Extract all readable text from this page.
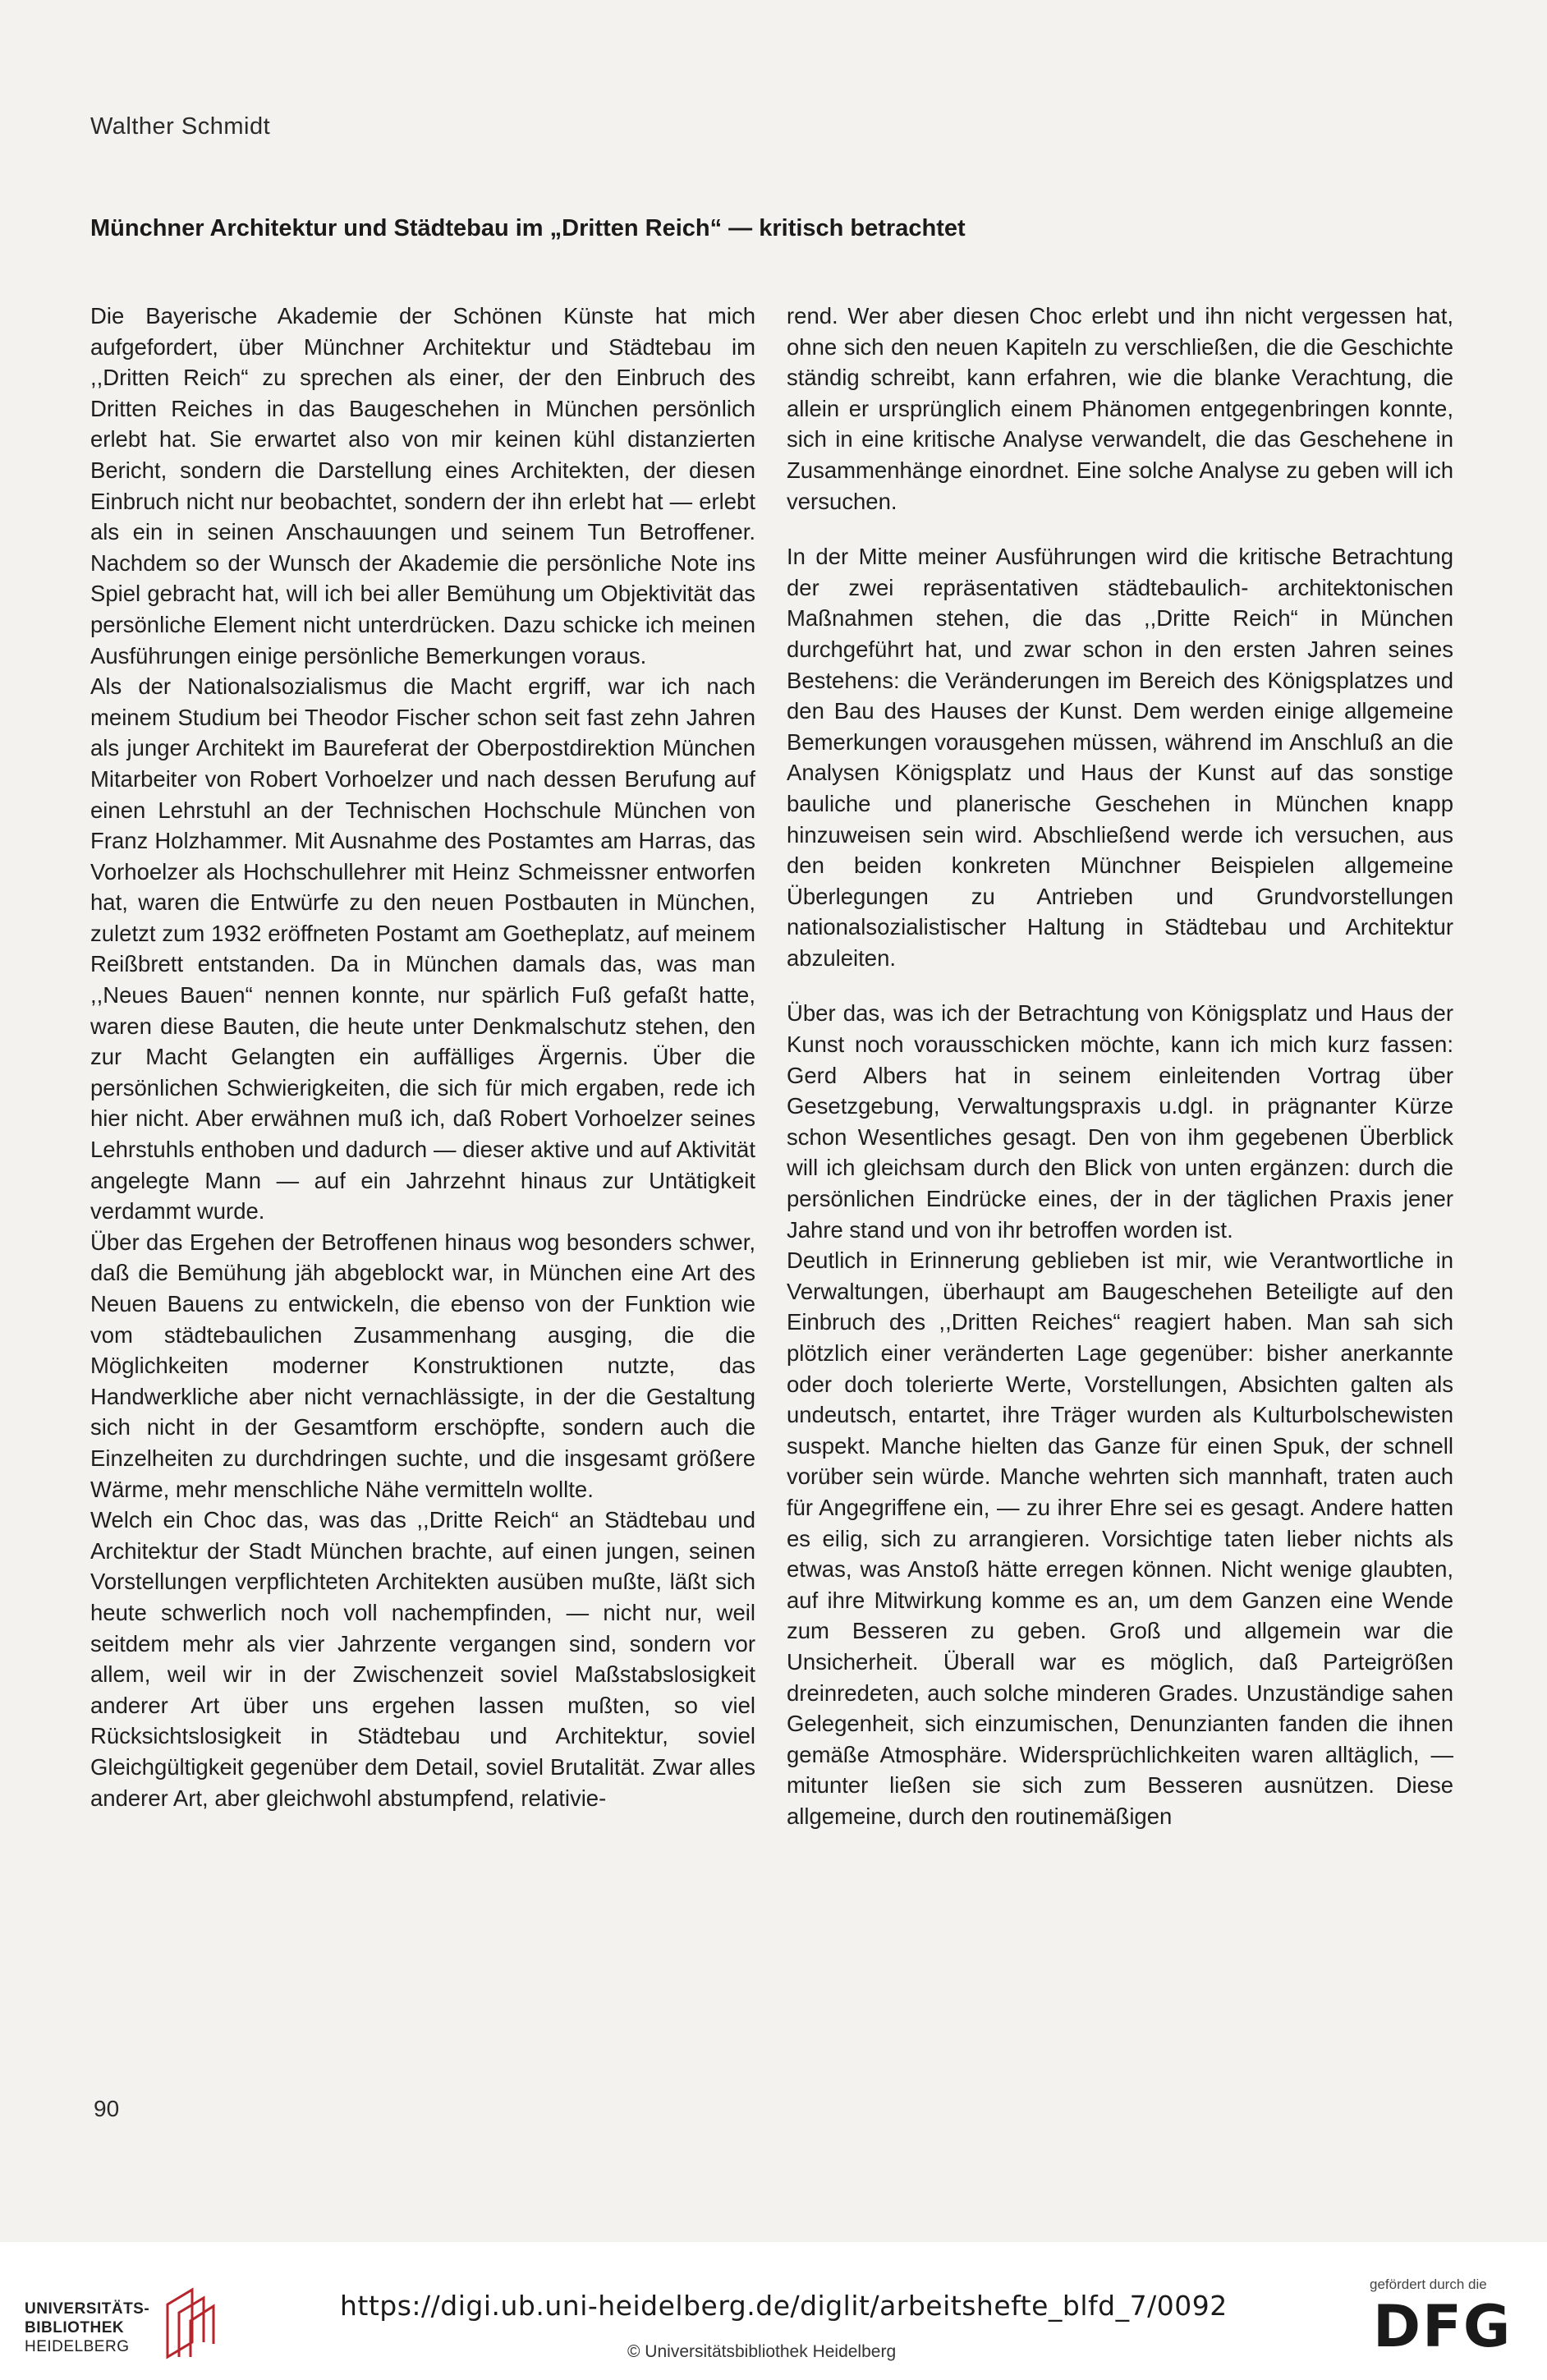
Walther Schmidt
Münchner Architektur und Städtebau im „Dritten Reich“ — kritisch betrachtet

Die Bayerische Akademie der Schönen Künste hat mich aufgefordert, über Münchner Architektur und Städtebau im ,,Dritten Reich“ zu sprechen als einer, der den Einbruch des Dritten Reiches in das Baugeschehen in München persönlich erlebt hat. Sie erwartet also von mir keinen kühl distanzierten Bericht, sondern die Darstellung eines Architekten, der diesen Einbruch nicht nur beobachtet, sondern der ihn erlebt hat — erlebt als ein in seinen Anschauungen und seinem Tun Betroffener. Nachdem so der Wunsch der Akademie die persönliche Note ins Spiel gebracht hat, will ich bei aller Bemühung um Objektivität das persönliche Element nicht unterdrücken. Dazu schicke ich meinen Ausführungen einige persönliche Bemerkungen voraus.

Als der Nationalsozialismus die Macht ergriff, war ich nach meinem Studium bei Theodor Fischer schon seit fast zehn Jahren als junger Architekt im Baureferat der Oberpostdirektion München Mitarbeiter von Robert Vorhoelzer und nach dessen Berufung auf einen Lehrstuhl an der Technischen Hochschule München von Franz Holzhammer. Mit Ausnahme des Postamtes am Harras, das Vorhoelzer als Hochschullehrer mit Heinz Schmeissner entworfen hat, waren die Entwürfe zu den neuen Postbauten in München, zuletzt zum 1932 eröffneten Postamt am Goetheplatz, auf meinem Reißbrett entstanden. Da in München damals das, was man ,,Neues Bauen“ nennen konnte, nur spärlich Fuß gefaßt hatte, waren diese Bauten, die heute unter Denkmalschutz stehen, den zur Macht Gelangten ein auffälliges Ärgernis. Über die persönlichen Schwierigkeiten, die sich für mich ergaben, rede ich hier nicht. Aber erwähnen muß ich, daß Robert Vorhoelzer seines Lehrstuhls enthoben und dadurch — dieser aktive und auf Aktivität angelegte Mann — auf ein Jahrzehnt hinaus zur Untätigkeit verdammt wurde.

Über das Ergehen der Betroffenen hinaus wog besonders schwer, daß die Bemühung jäh abgeblockt war, in München eine Art des Neuen Bauens zu entwickeln, die ebenso von der Funktion wie vom städtebaulichen Zusammenhang ausging, die die Möglichkeiten moderner Konstruktionen nutzte, das Handwerkliche aber nicht vernachlässigte, in der die Gestaltung sich nicht in der Gesamtform erschöpfte, sondern auch die Einzelheiten zu durchdringen suchte, und die insgesamt größere Wärme, mehr menschliche Nähe vermitteln wollte.

Welch ein Choc das, was das ,,Dritte Reich“ an Städtebau und Architektur der Stadt München brachte, auf einen jungen, seinen Vorstellungen verpflichteten Architekten ausüben mußte, läßt sich heute schwerlich noch voll nachempfinden, — nicht nur, weil seitdem mehr als vier Jahrzente vergangen sind, sondern vor allem, weil wir in der Zwischenzeit soviel Maßstabslosigkeit anderer Art über uns ergehen lassen mußten, so viel Rücksichtslosigkeit in Städtebau und Architektur, soviel Gleichgültigkeit gegenüber dem Detail, soviel Brutalität. Zwar alles anderer Art, aber gleichwohl abstumpfend, relativie-

rend. Wer aber diesen Choc erlebt und ihn nicht vergessen hat, ohne sich den neuen Kapiteln zu verschließen, die die Geschichte ständig schreibt, kann erfahren, wie die blanke Verachtung, die allein er ursprünglich einem Phänomen entgegenbringen konnte, sich in eine kritische Analyse verwandelt, die das Geschehene in Zusammenhänge einordnet. Eine solche Analyse zu geben will ich versuchen.

In der Mitte meiner Ausführungen wird die kritische Betrachtung der zwei repräsentativen städtebaulich- architektonischen Maßnahmen stehen, die das ,,Dritte Reich“ in München durchgeführt hat, und zwar schon in den ersten Jahren seines Bestehens: die Veränderungen im Bereich des Königsplatzes und den Bau des Hauses der Kunst. Dem werden einige allgemeine Bemerkungen vorausgehen müssen, während im Anschluß an die Analysen Königsplatz und Haus der Kunst auf das sonstige bauliche und planerische Geschehen in München knapp hinzuweisen sein wird. Abschließend werde ich versuchen, aus den beiden konkreten Münchner Beispielen allgemeine Überlegungen zu Antrieben und Grundvorstellungen nationalsozialistischer Haltung in Städtebau und Architektur abzuleiten.

Über das, was ich der Betrachtung von Königsplatz und Haus der Kunst noch vorausschicken möchte, kann ich mich kurz fassen: Gerd Albers hat in seinem einleitenden Vortrag über Gesetzgebung, Verwaltungspraxis u.dgl. in prägnanter Kürze schon Wesentliches gesagt. Den von ihm gegebenen Überblick will ich gleichsam durch den Blick von unten ergänzen: durch die persönlichen Eindrücke eines, der in der täglichen Praxis jener Jahre stand und von ihr betroffen worden ist.

Deutlich in Erinnerung geblieben ist mir, wie Verantwortliche in Verwaltungen, überhaupt am Baugeschehen Beteiligte auf den Einbruch des ,,Dritten Reiches“ reagiert haben. Man sah sich plötzlich einer veränderten Lage gegenüber: bisher anerkannte oder doch tolerierte Werte, Vorstellungen, Absichten galten als undeutsch, entartet, ihre Träger wurden als Kulturbolschewisten suspekt. Manche hielten das Ganze für einen Spuk, der schnell vorüber sein würde. Manche wehrten sich mannhaft, traten auch für Angegriffene ein, — zu ihrer Ehre sei es gesagt. Andere hatten es eilig, sich zu arrangieren. Vorsichtige taten lieber nichts als etwas, was Anstoß hätte erregen können. Nicht wenige glaubten, auf ihre Mitwirkung komme es an, um dem Ganzen eine Wende zum Besseren zu geben. Groß und allgemein war die Unsicherheit. Überall war es möglich, daß Parteigrößen dreinredeten, auch solche minderen Grades. Unzuständige sahen Gelegenheit, sich einzumischen, Denunzianten fanden die ihnen gemäße Atmosphäre. Widersprüchlichkeiten waren alltäglich, — mitunter ließen sie sich zum Besseren ausnützen. Diese allgemeine, durch den routinemäßigen

90
UNIVERSITÄTS-
BIBLIOTHEK
HEIDELBERG
https://digi.ub.uni-heidelberg.de/diglit/arbeitshefte_blfd_7/0092
© Universitätsbibliothek Heidelberg
gefördert durch die
DFG
